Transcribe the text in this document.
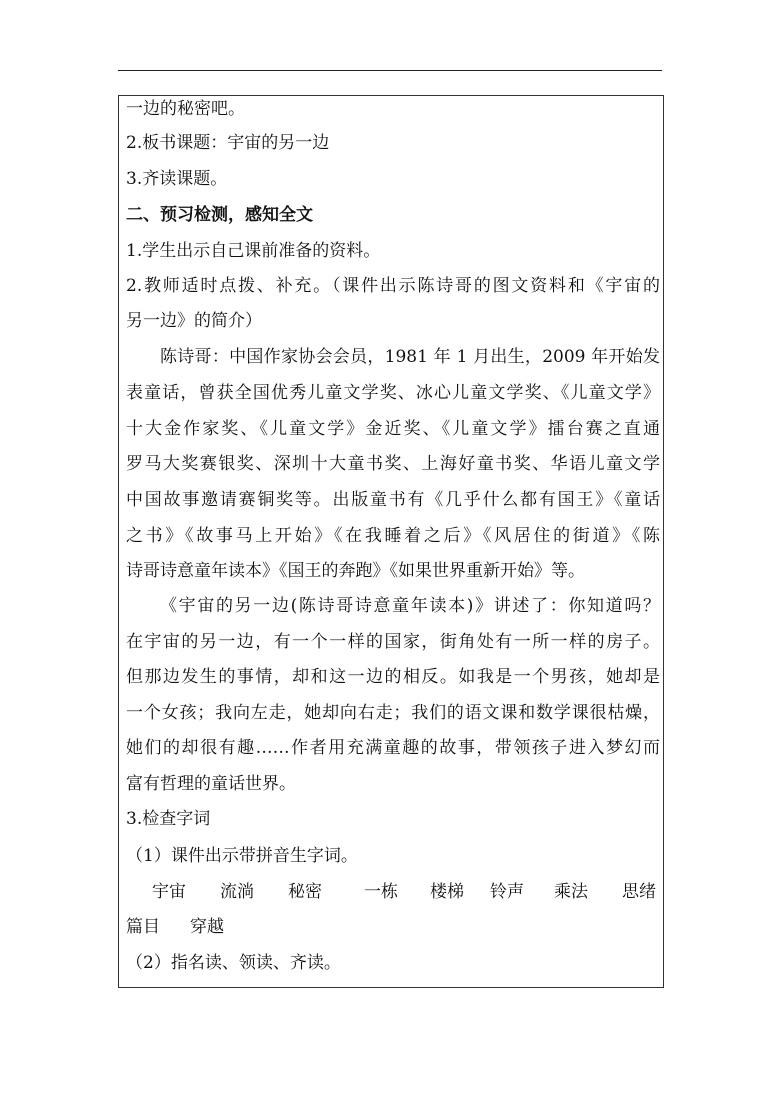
一边的秘密吧。
2.板书课题：宇宙的另一边
3.齐读课题。
二、预习检测，感知全文
1.学生出示自己课前准备的资料。
2.教师适时点拨、补充。（课件出示陈诗哥的图文资料和《宇宙的
另一边》的简介）
陈诗哥：中国作家协会会员，1981 年 1 月出生，2009 年开始发
表童话，曾获全国优秀儿童文学奖、冰心儿童文学奖、《儿童文学》
十大金作家奖、《儿童文学》金近奖、《儿童文学》擂台赛之直通
罗马大奖赛银奖、深圳十大童书奖、上海好童书奖、华语儿童文学
中国故事邀请赛铜奖等。出版童书有《几乎什么都有国王》《童话
之书》《故事马上开始》《在我睡着之后》《风居住的街道》《陈
诗哥诗意童年读本》《国王的奔跑》《如果世界重新开始》等。
《宇宙的另一边(陈诗哥诗意童年读本)》讲述了：你知道吗？
在宇宙的另一边，有一个一样的国家，街角处有一所一样的房子。
但那边发生的事情，却和这一边的相反。如我是一个男孩，她却是
一个女孩；我向左走，她却向右走；我们的语文课和数学课很枯燥，
她们的却很有趣……作者用充满童趣的故事，带领孩子进入梦幻而
富有哲理的童话世界。
3.检查字词
（1）课件出示带拼音生字词。
宇宙 流淌 秘密 一栋 楼梯 铃声 乘法 思绪
篇目 穿越
（2）指名读、领读、齐读。
